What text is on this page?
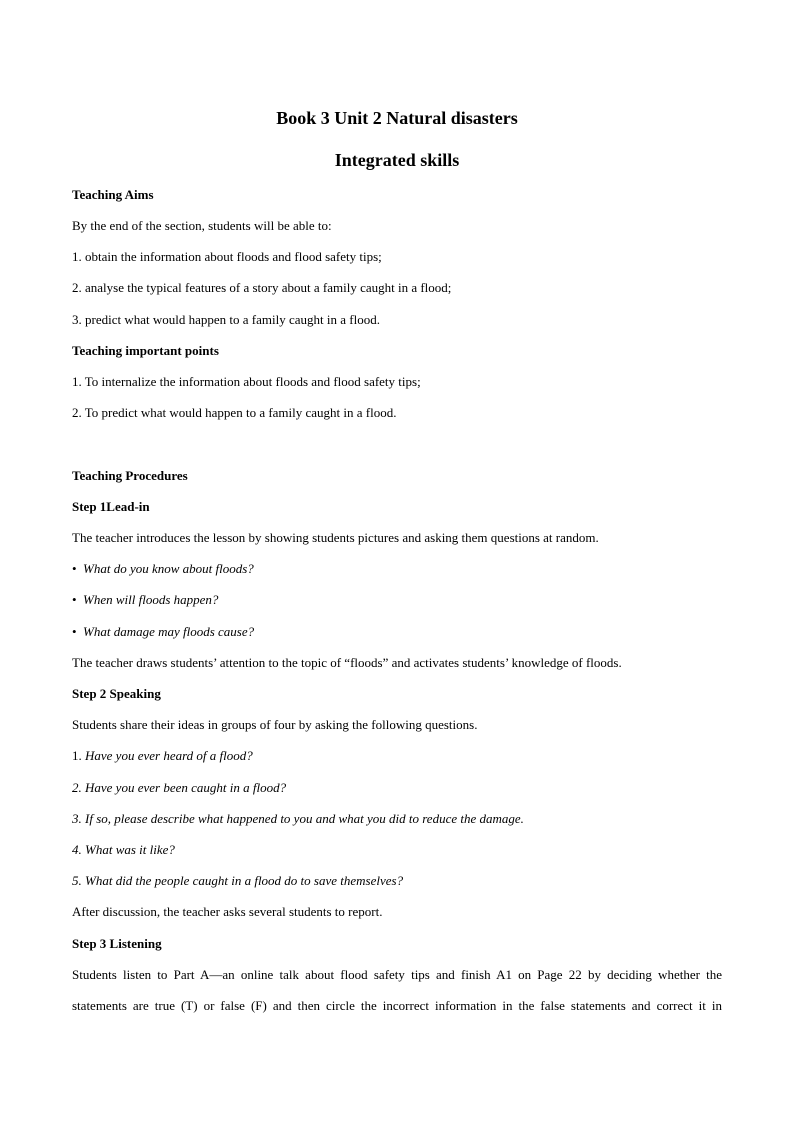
Book 3 Unit 2 Natural disasters
Integrated skills
Teaching Aims
By the end of the section, students will be able to:
1. obtain the information about floods and flood safety tips;
2. analyse the typical features of a story about a family caught in a flood;
3. predict what would happen to a family caught in a flood.
Teaching important points
1. To internalize the information about floods and flood safety tips;
2. To predict what would happen to a family caught in a flood.
Teaching Procedures
Step 1Lead-in
The teacher introduces the lesson by showing students pictures and asking them questions at random.
• What do you know about floods?
• When will floods happen?
• What damage may floods cause?
The teacher draws students’ attention to the topic of “floods” and activates students’ knowledge of floods.
Step 2 Speaking
Students share their ideas in groups of four by asking the following questions.
1. Have you ever heard of a flood?
2. Have you ever been caught in a flood?
3. If so, please describe what happened to you and what you did to reduce the damage.
4. What was it like?
5. What did the people caught in a flood do to save themselves?
After discussion, the teacher asks several students to report.
Step 3 Listening
Students listen to Part A—an online talk about flood safety tips and finish A1 on Page 22 by deciding whether the
statements are true (T) or false (F) and then circle the incorrect information in the false statements and correct it in
